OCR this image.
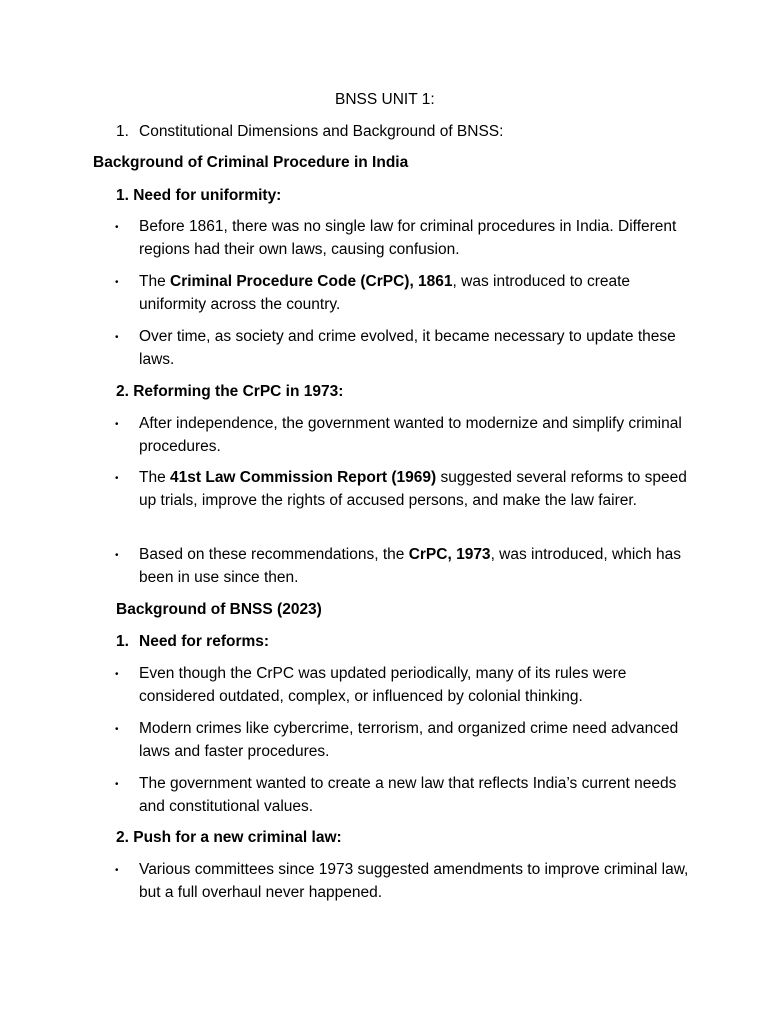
BNSS UNIT 1:
1. Constitutional Dimensions and Background of BNSS:
Background of Criminal Procedure in India
1. Need for uniformity:
• Before 1861, there was no single law for criminal procedures in India. Different regions had their own laws, causing confusion.
• The Criminal Procedure Code (CrPC), 1861, was introduced to create uniformity across the country.
• Over time, as society and crime evolved, it became necessary to update these laws.
2. Reforming the CrPC in 1973:
• After independence, the government wanted to modernize and simplify criminal procedures.
• The 41st Law Commission Report (1969) suggested several reforms to speed up trials, improve the rights of accused persons, and make the law fairer.
• Based on these recommendations, the CrPC, 1973, was introduced, which has been in use since then.
Background of BNSS (2023)
1. Need for reforms:
• Even though the CrPC was updated periodically, many of its rules were considered outdated, complex, or influenced by colonial thinking.
• Modern crimes like cybercrime, terrorism, and organized crime need advanced laws and faster procedures.
• The government wanted to create a new law that reflects India’s current needs and constitutional values.
2. Push for a new criminal law:
• Various committees since 1973 suggested amendments to improve criminal law, but a full overhaul never happened.
